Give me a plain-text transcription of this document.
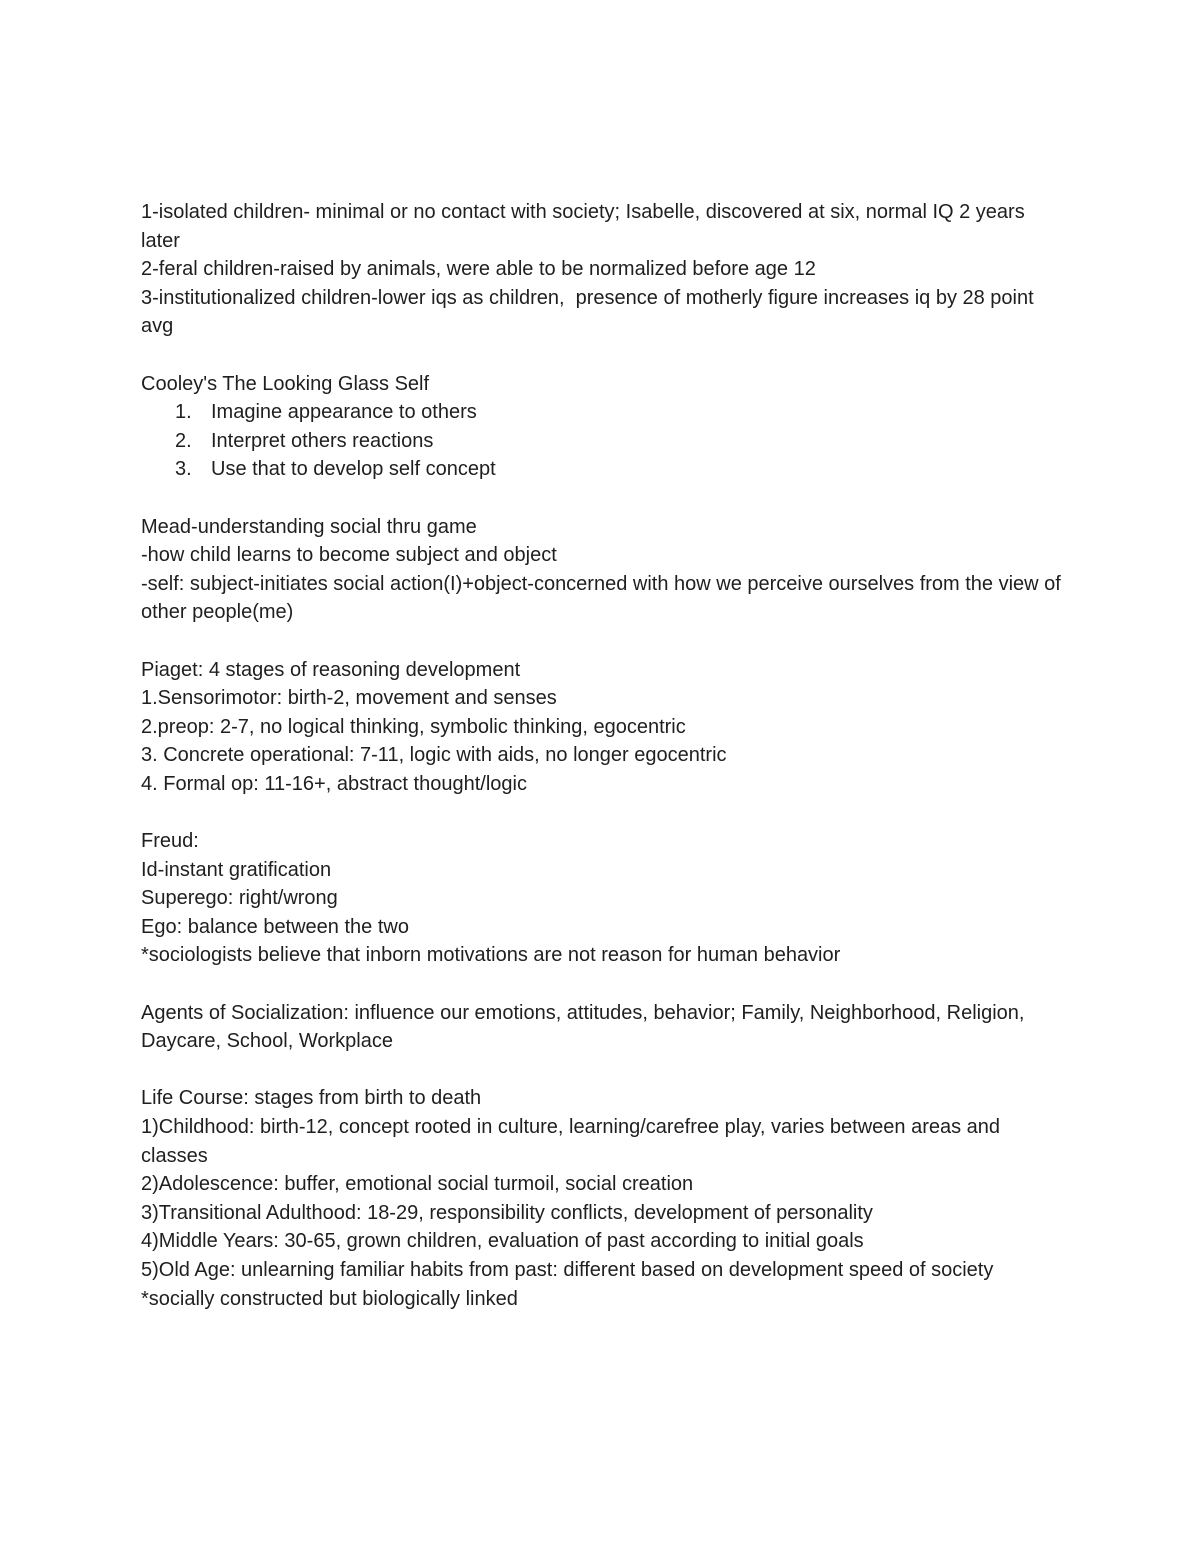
1-isolated children- minimal or no contact with society; Isabelle, discovered at six, normal IQ 2 years later

2-feral children-raised by animals, were able to be normalized before age 12

3-institutionalized children-lower iqs as children,  presence of motherly figure increases iq by 28 point avg

Cooley's The Looking Glass Self

1. Imagine appearance to others
2. Interpret others reactions
3. Use that to develop self concept

Mead-understanding social thru game

-how child learns to become subject and object

-self: subject-initiates social action(I)+object-concerned with how we perceive ourselves from the view of other people(me)

Piaget: 4 stages of reasoning development

1.Sensorimotor: birth-2, movement and senses

2.preop: 2-7, no logical thinking, symbolic thinking, egocentric

3. Concrete operational: 7-11, logic with aids, no longer egocentric

4. Formal op: 11-16+, abstract thought/logic

Freud:

Id-instant gratification

Superego: right/wrong

Ego: balance between the two

*sociologists believe that inborn motivations are not reason for human behavior

Agents of Socialization: influence our emotions, attitudes, behavior; Family, Neighborhood, Religion, Daycare, School, Workplace

Life Course: stages from birth to death

1)Childhood: birth-12, concept rooted in culture, learning/carefree play, varies between areas and classes

2)Adolescence: buffer, emotional social turmoil, social creation

3)Transitional Adulthood: 18-29, responsibility conflicts, development of personality

4)Middle Years: 30-65, grown children, evaluation of past according to initial goals

5)Old Age: unlearning familiar habits from past: different based on development speed of society

*socially constructed but biologically linked
